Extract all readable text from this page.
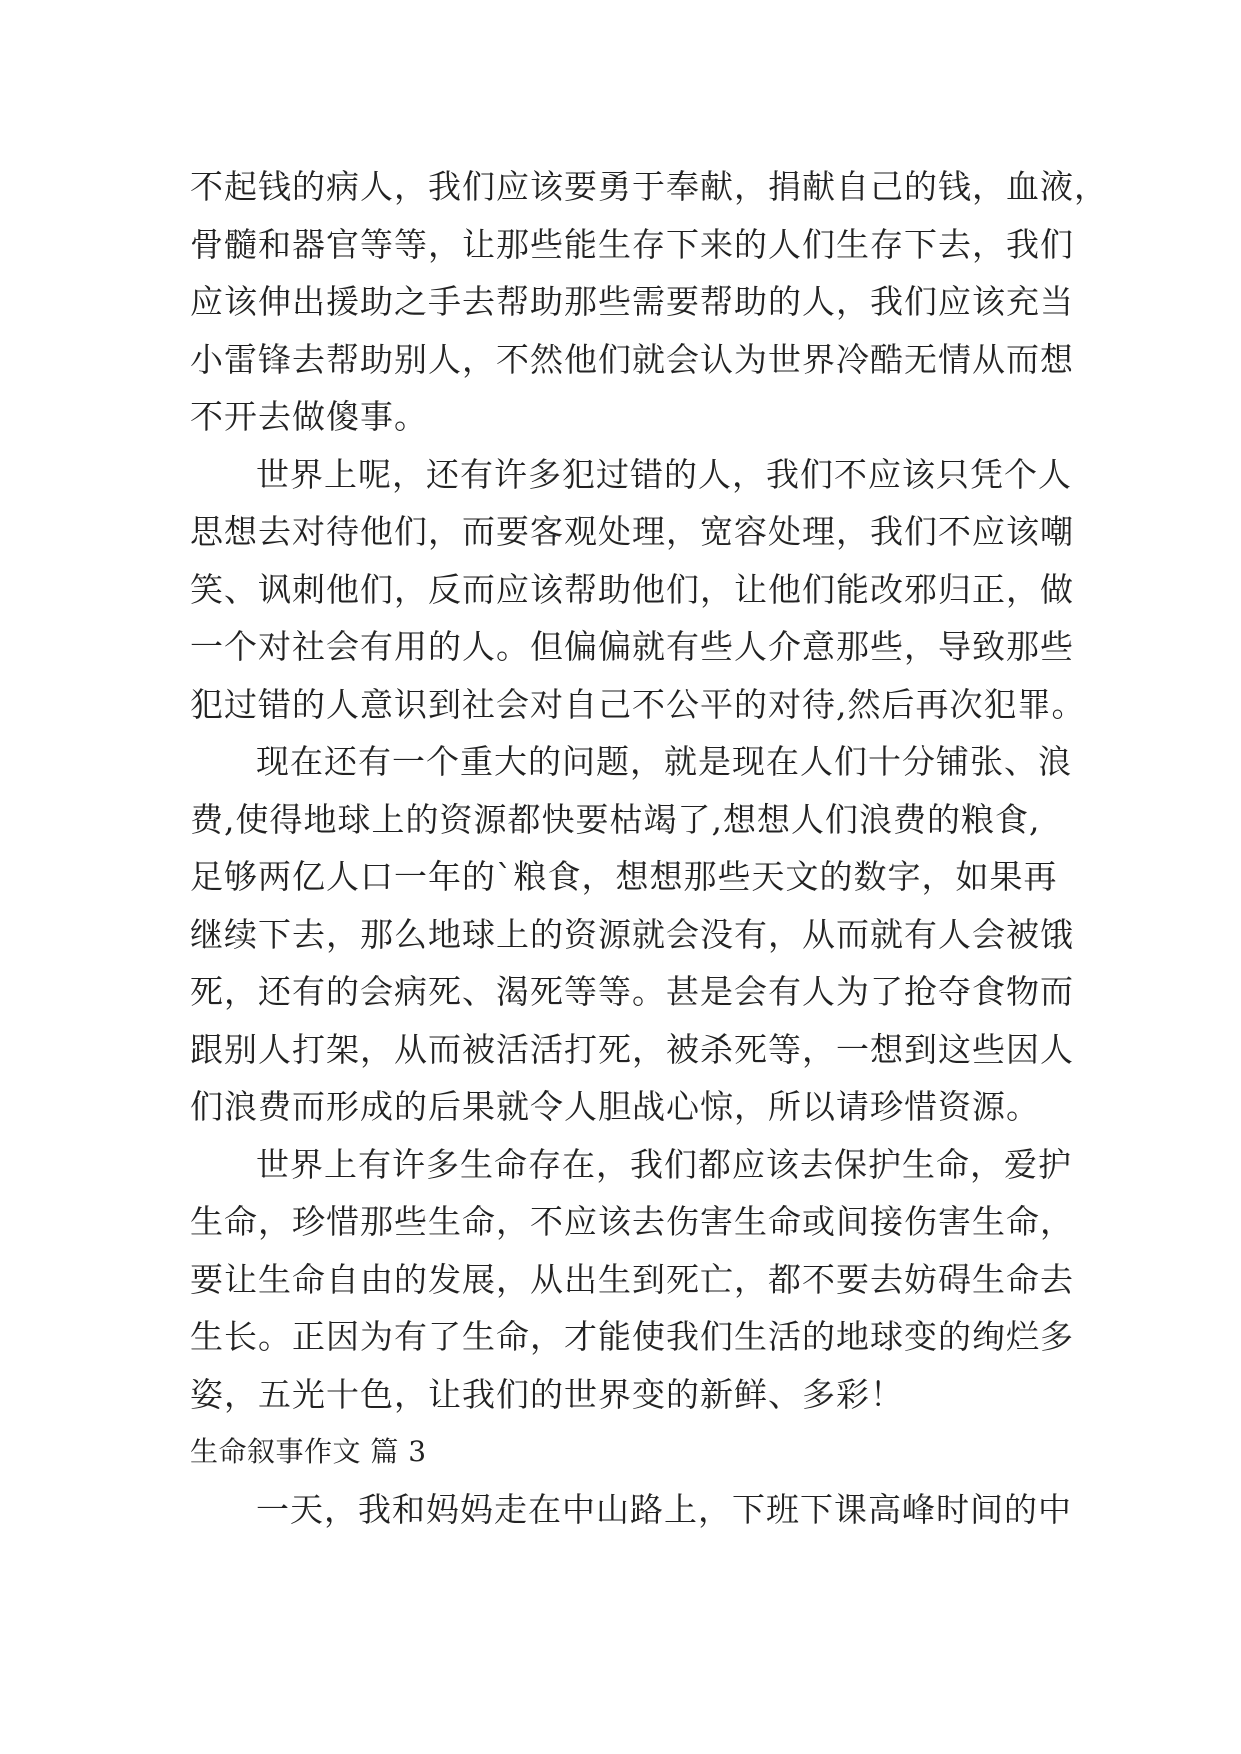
不起钱的病人，我们应该要勇于奉献，捐献自己的钱，血液，
骨髓和器官等等，让那些能生存下来的人们生存下去，我们
应该伸出援助之手去帮助那些需要帮助的人，我们应该充当
小雷锋去帮助别人，不然他们就会认为世界冷酷无情从而想
不开去做傻事。
世界上呢，还有许多犯过错的人，我们不应该只凭个人
思想去对待他们，而要客观处理，宽容处理，我们不应该嘲
笑、讽刺他们，反而应该帮助他们，让他们能改邪归正，做
一个对社会有用的人。但偏偏就有些人介意那些，导致那些
犯过错的人意识到社会对自己不公平的对待,然后再次犯罪。
现在还有一个重大的问题，就是现在人们十分铺张、浪
费,使得地球上的资源都快要枯竭了,想想人们浪费的粮食,
足够两亿人口一年的`粮食，想想那些天文的数字，如果再
继续下去，那么地球上的资源就会没有，从而就有人会被饿
死，还有的会病死、渴死等等。甚是会有人为了抢夺食物而
跟别人打架，从而被活活打死，被杀死等，一想到这些因人
们浪费而形成的后果就令人胆战心惊，所以请珍惜资源。
世界上有许多生命存在，我们都应该去保护生命，爱护
生命，珍惜那些生命，不应该去伤害生命或间接伤害生命，
要让生命自由的发展，从出生到死亡，都不要去妨碍生命去
生长。正因为有了生命，才能使我们生活的地球变的绚烂多
姿，五光十色，让我们的世界变的新鲜、多彩！
生命叙事作文 篇 3
一天，我和妈妈走在中山路上，下班下课高峰时间的中
